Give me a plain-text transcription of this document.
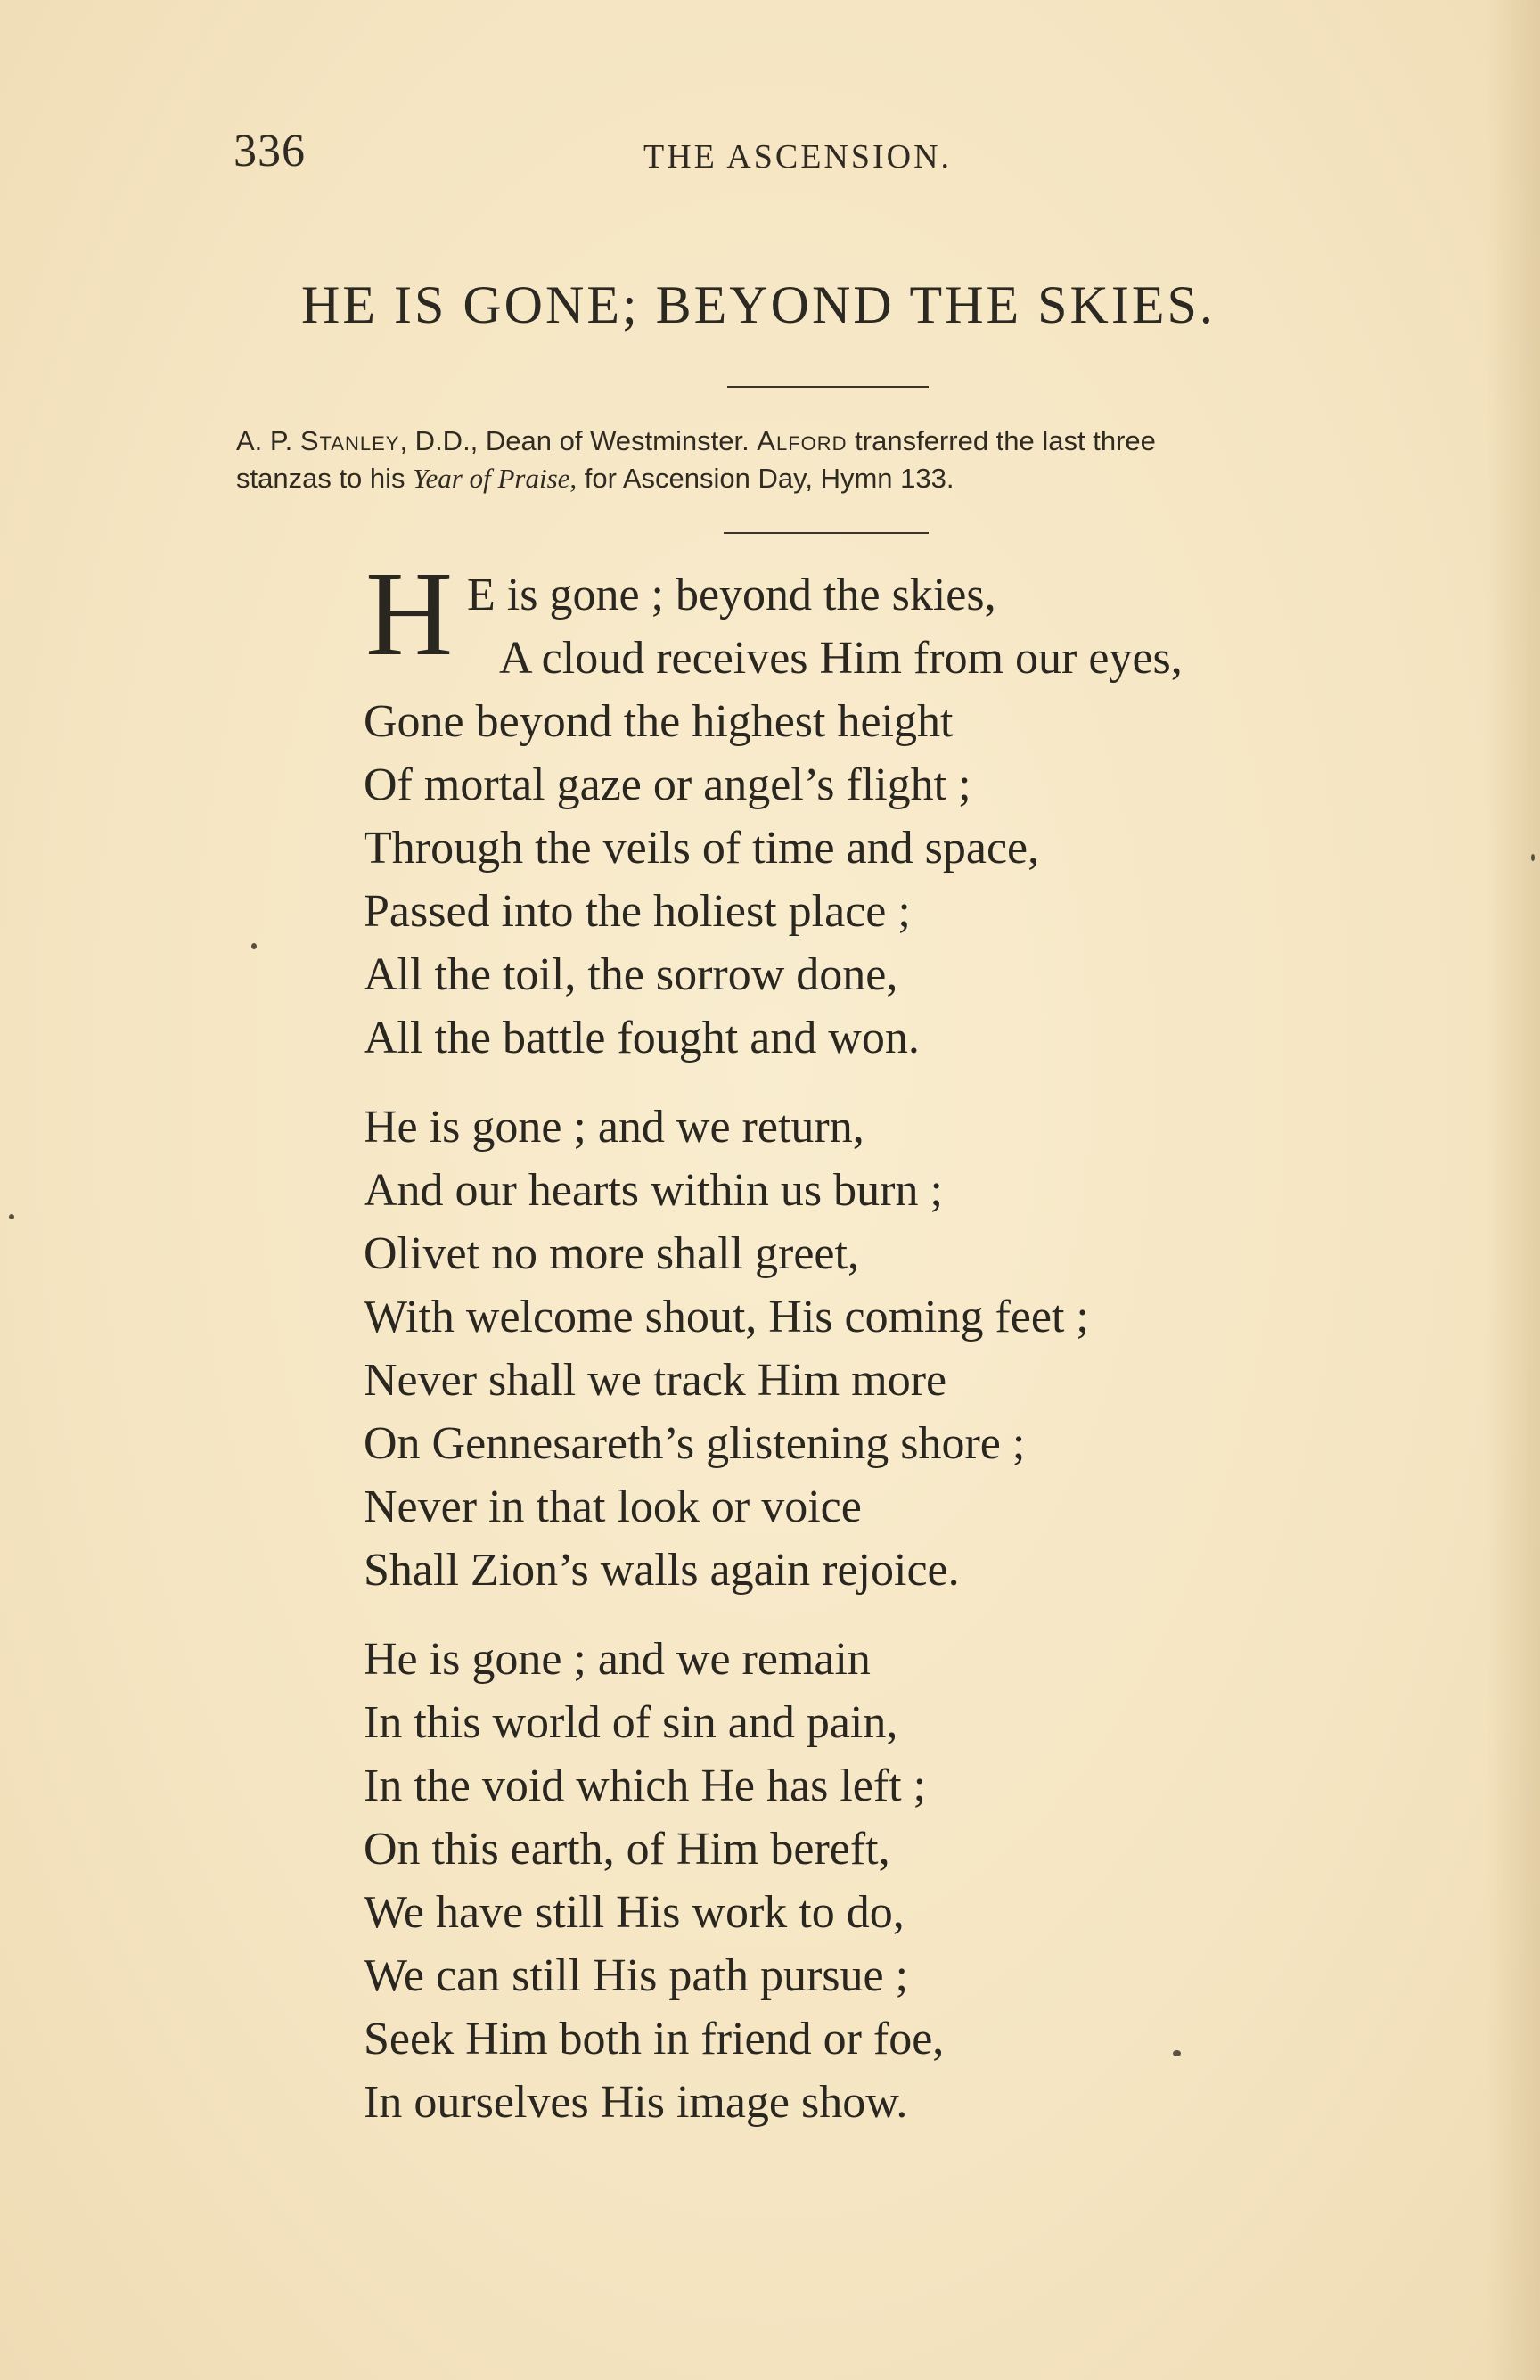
336	THE ASCENSION.
HE IS GONE; BEYOND THE SKIES.
A. P. Stanley, D.D., Dean of Westminster. Alford transferred the last three
stanzas to his Year of Praise, for Ascension Day, Hymn 133.
H E is gone ; beyond the skies,
A cloud receives Him from our eyes,
Gone beyond the highest height
Of mortal gaze or angel’s flight ;
Through the veils of time and space,
Passed into the holiest place ;
All the toil, the sorrow done,
All the battle fought and won.
He is gone ; and we return,
And our hearts within us burn ;
Olivet no more shall greet,
With welcome shout, His coming feet ;
Never shall we track Him more
On Gennesareth’s glistening shore ;
Never in that look or voice
Shall Zion’s walls again rejoice.
He is gone ; and we remain
In this world of sin and pain,
In the void which He has left ;
On this earth, of Him bereft,
We have still His work to do,
We can still His path pursue ;
Seek Him both in friend or foe,
In ourselves His image show.
